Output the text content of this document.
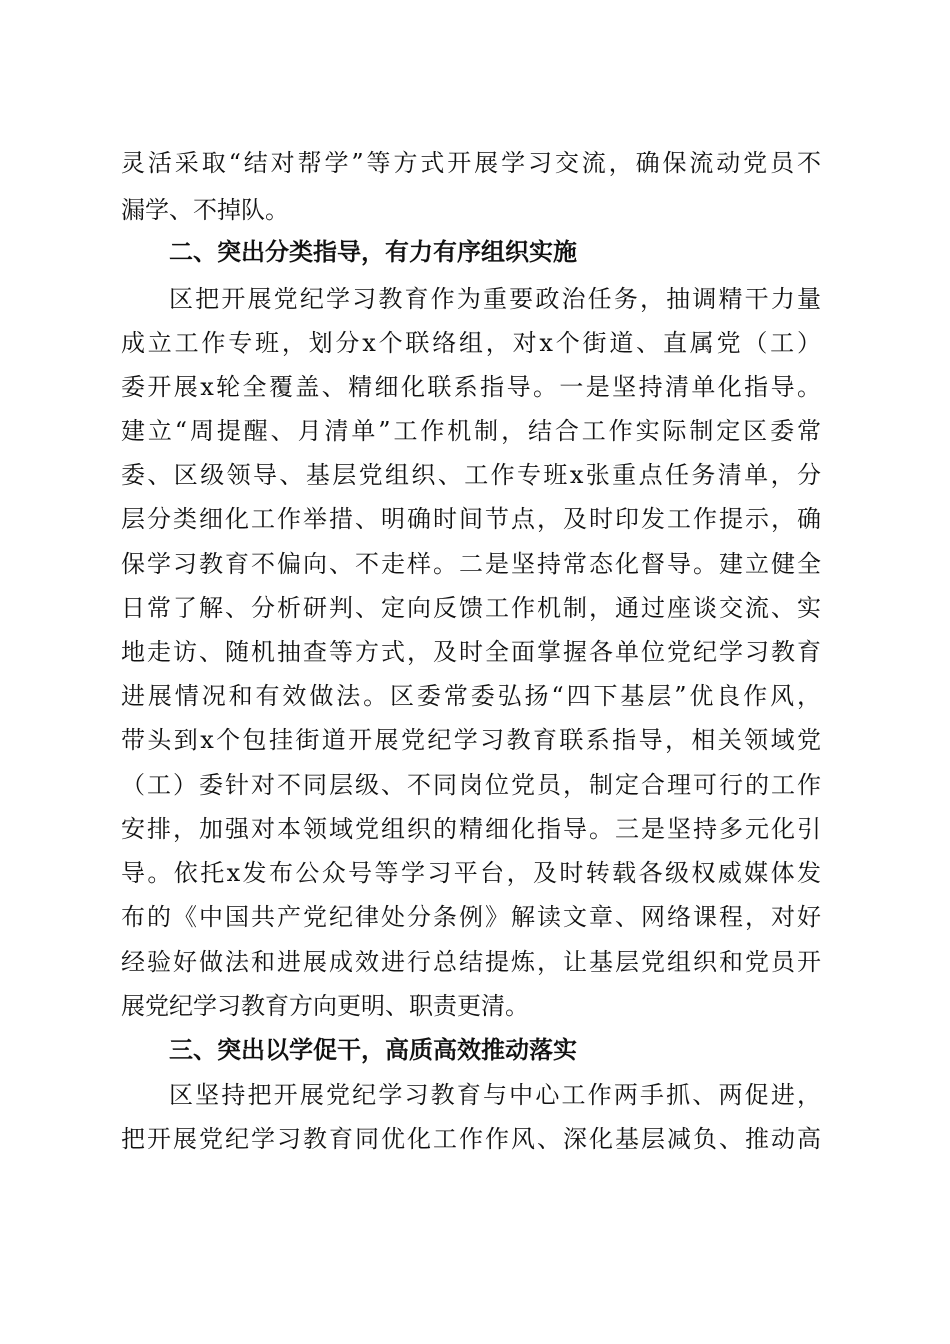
灵活采取“结对帮学”等方式开展学习交流，确保流动党员不
漏学、不掉队。
二、突出分类指导，有力有序组织实施
区把开展党纪学习教育作为重要政治任务，抽调精干力量
成立工作专班，划分x个联络组，对x个街道、直属党（工）
委开展x轮全覆盖、精细化联系指导。一是坚持清单化指导。
建立“周提醒、月清单”工作机制，结合工作实际制定区委常
委、区级领导、基层党组织、工作专班x张重点任务清单，分
层分类细化工作举措、明确时间节点，及时印发工作提示，确
保学习教育不偏向、不走样。二是坚持常态化督导。建立健全
日常了解、分析研判、定向反馈工作机制，通过座谈交流、实
地走访、随机抽查等方式，及时全面掌握各单位党纪学习教育
进展情况和有效做法。区委常委弘扬“四下基层”优良作风，
带头到x个包挂街道开展党纪学习教育联系指导，相关领域党
（工）委针对不同层级、不同岗位党员，制定合理可行的工作
安排，加强对本领域党组织的精细化指导。三是坚持多元化引
导。依托x发布公众号等学习平台，及时转载各级权威媒体发
布的《中国共产党纪律处分条例》解读文章、网络课程，对好
经验好做法和进展成效进行总结提炼，让基层党组织和党员开
展党纪学习教育方向更明、职责更清。
三、突出以学促干，高质高效推动落实
区坚持把开展党纪学习教育与中心工作两手抓、两促进，
把开展党纪学习教育同优化工作作风、深化基层减负、推动高
